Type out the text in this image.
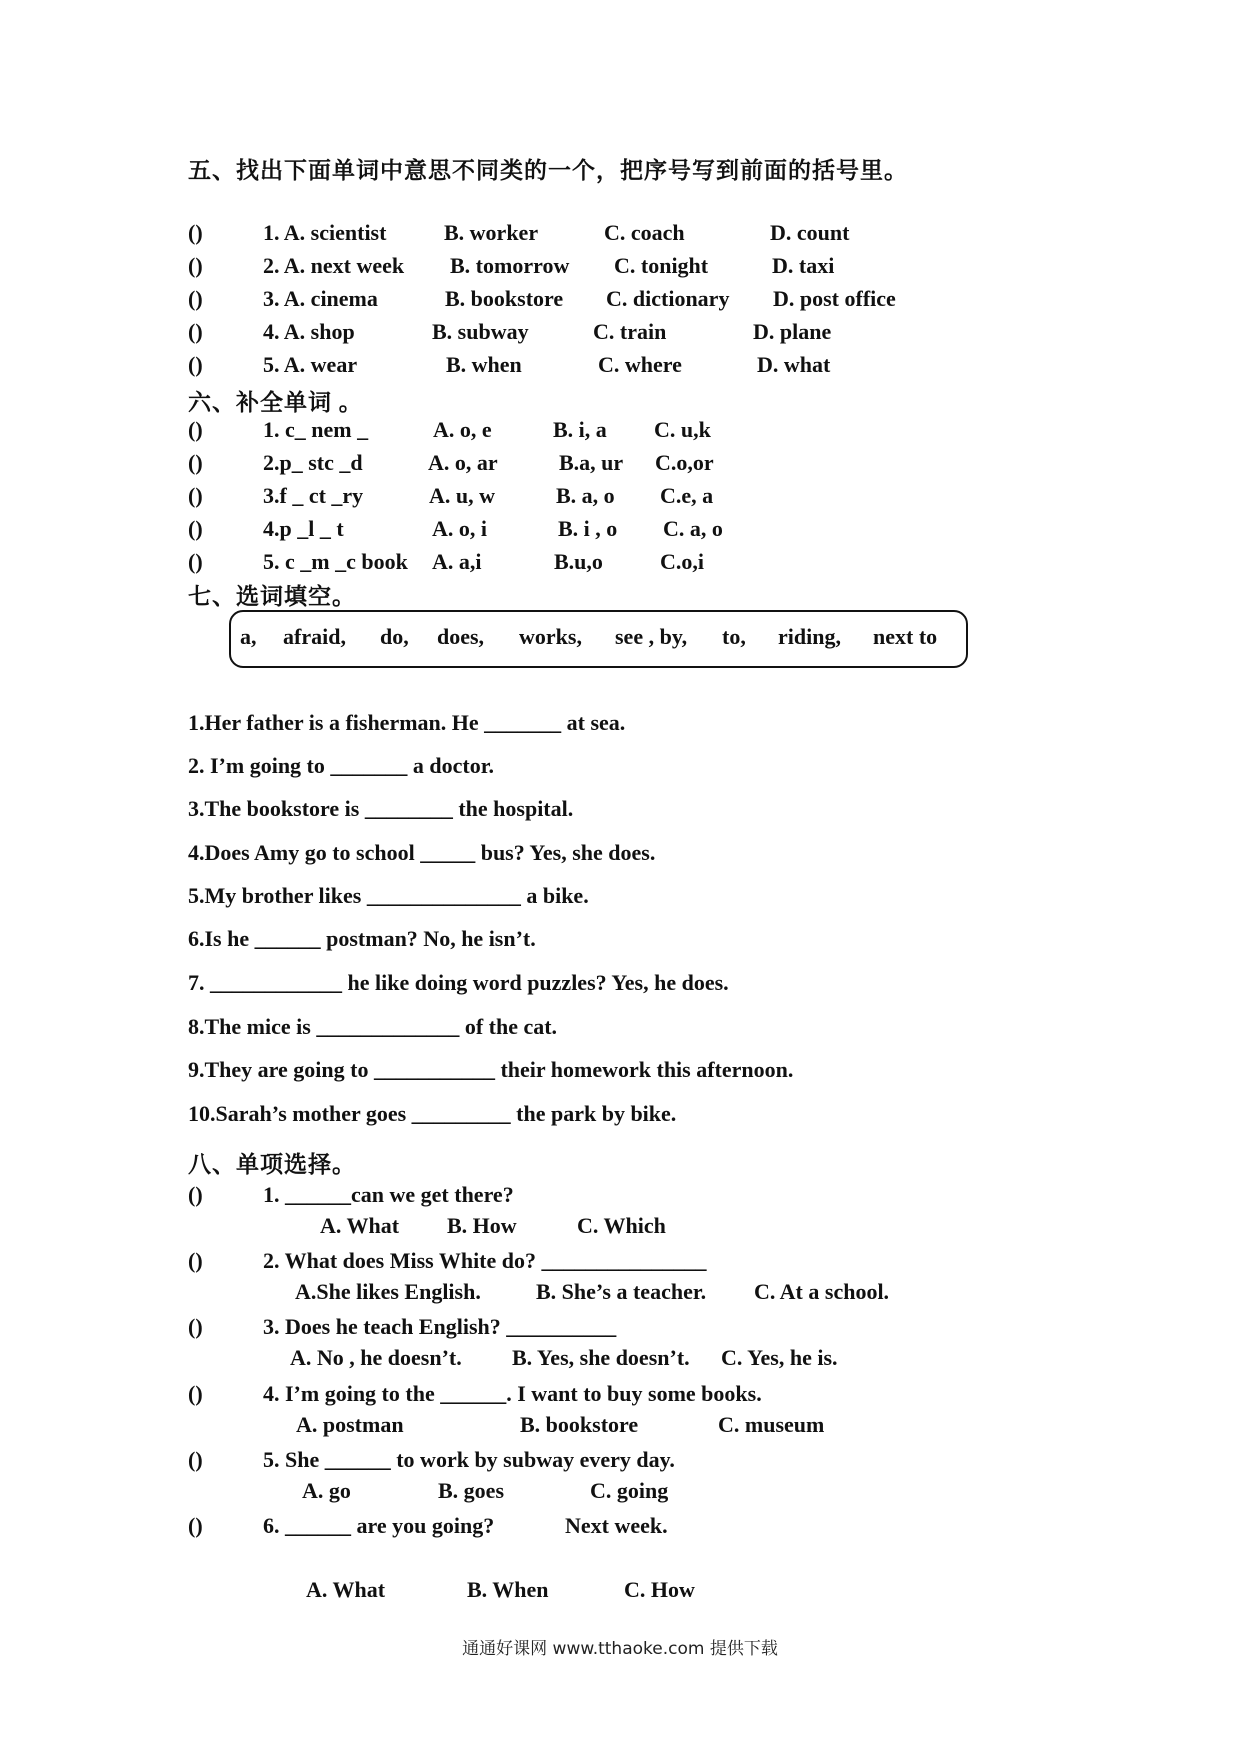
五、找出下面单词中意思不同类的一个，把序号写到前面的括号里。
(
)	1. A. scientist	B. worker	C. coach	D. count
(
)	2. A. next week B. tomorrow C. tonight	D. taxi
(
)	3. A. cinema	B. bookstore C. dictionary D. post office
(
)	4. A. shop	B. subway	C. train	D. plane
(
)	5. A. wear	B. when	C. where	D. what
六、补全单词 。
(
)	1. c_ nem _	A. o, e	B. i, a C. u,k
(
)	2.p_ stc _d	A. o, ar	B.a, ur C.o,or
(
)	3.f _ ct _ry	A. u, w	B. a, o C.e, a
(
)	4.p _l _ t	A. o, i	B. i , o C. a, o
(
)	5. c _m _c book A. a,i	B.u,o	C.o,i
七、选词填空。
a, afraid, do, does, works, see , by, to, riding, next to
1.Her father is a fisherman. He _______ at sea.
2. I’m going to _______ a doctor.
3.The bookstore is ________ the hospital.
4.Does Amy go to school _____ bus? Yes, she does.
5.My brother likes ______________ a bike.
6.Is he ______ postman? No, he isn’t.
7. ____________ he like doing word puzzles? Yes, he does.
8.The mice is _____________ of the cat.
9.They are going to ___________ their homework this afternoon.
10.Sarah’s mother goes _________ the park by bike.
八、单项选择。
(
)	1. ______can we get there?
A. What B. How	C. Which
(
)	2. What does Miss White do? _______________
A.She likes English.	B. She’s a teacher. C. At a school.
(
)	3. Does he teach English? __________
A. No , he doesn’t. B. Yes, she doesn’t. C. Yes, he is.
(
)	4. I’m going to the ______. I want to buy some books.
A. postman	B. bookstore	C. museum
(
)	5. She ______ to work by subway every day.
A. go	B. goes	C. going
(
)	6. ______ are you going?	Next week.
A. What	B. When	C. How
通通好课网 www.tthaoke.com 提供下载
